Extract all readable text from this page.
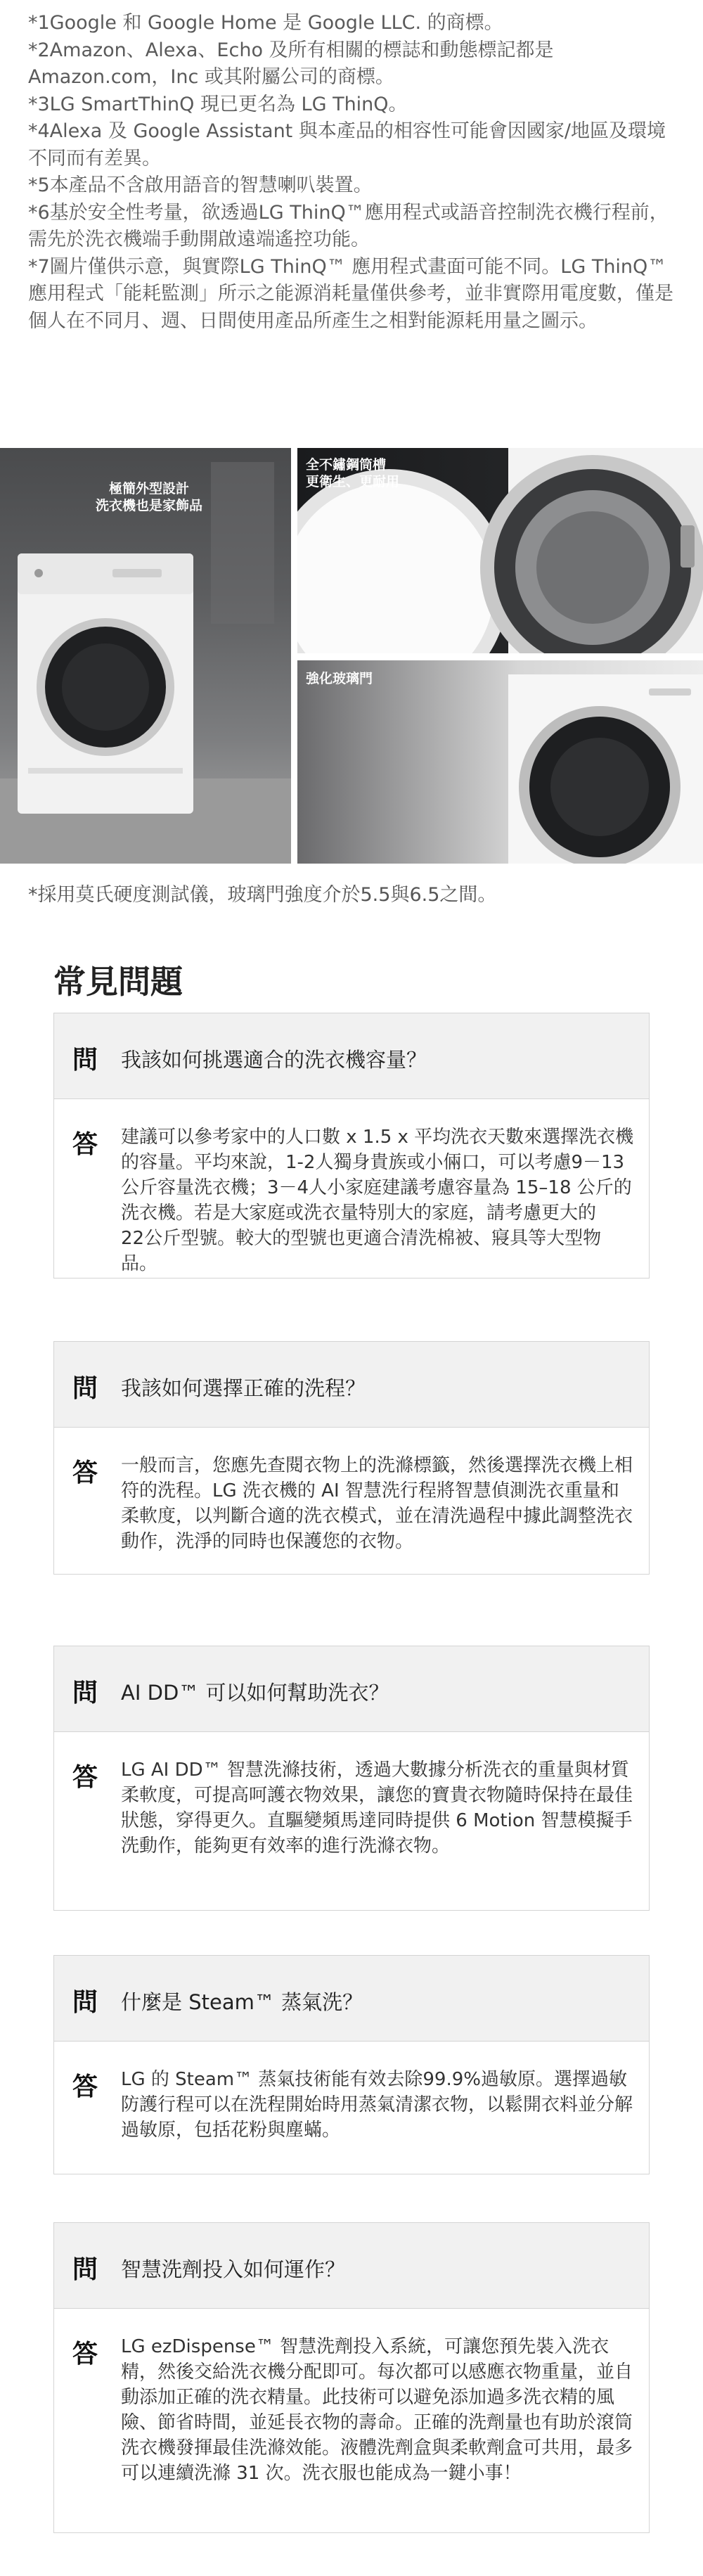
*1Google 和 Google Home 是 Google LLC. 的商標。

*2Amazon、Alexa、Echo 及所有相關的標誌和動態標記都是 Amazon.com，Inc 或其附屬公司的商標。

*3LG SmartThinQ 現已更名為 LG ThinQ。

*4Alexa 及 Google Assistant 與本產品的相容性可能會因國家/地區及環境不同而有差異。

*5本產品不含啟用語音的智慧喇叭裝置。

*6基於安全性考量，欲透過LG ThinQ™應用程式或語音控制洗衣機行程前，需先於洗衣機端手動開啟遠端遙控功能。

*7圖片僅供示意，與實際LG ThinQ™ 應用程式畫面可能不同。LG ThinQ™ 應用程式「能耗監測」所示之能源消耗量僅供參考，並非實際用電度數，僅是個人在不同月、週、日間使用產品所產生之相對能源耗用量之圖示。

極簡外型設計
洗衣機也是家飾品
全不鏽鋼筒槽
更衛生、更耐用
強化玻璃門
*採用莫氏硬度測試儀，玻璃門強度介於5.5與6.5之間。
常見問題
問 我該如何挑選適合的洗衣機容量？
答 建議可以參考家中的人口數 x 1.5 x 平均洗衣天數來選擇洗衣機的容量。平均來說，1-2人獨身貴族或小倆口，可以考慮9－13公斤容量洗衣機；3－4人小家庭建議考慮容量為 15–18 公斤的洗衣機。若是大家庭或洗衣量特別大的家庭，請考慮更大的　22公斤型號。較大的型號也更適合清洗棉被、寢具等大型物品。
問 我該如何選擇正確的洗程？
答 一般而言，您應先查閱衣物上的洗滌標籤，然後選擇洗衣機上相符的洗程。LG 洗衣機的 AI 智慧洗行程將智慧偵測洗衣重量和柔軟度，以判斷合適的洗衣模式，並在清洗過程中據此調整洗衣動作，洗淨的同時也保護您的衣物。
問 AI DD™ 可以如何幫助洗衣？
答 LG AI DD™ 智慧洗滌技術，透過大數據分析洗衣的重量與材質柔軟度，可提高呵護衣物效果，讓您的寶貴衣物隨時保持在最佳狀態，穿得更久。直驅變頻馬達同時提供 6 Motion 智慧模擬手洗動作，能夠更有效率的進行洗滌衣物。
問 什麼是 Steam™ 蒸氣洗？
答 LG 的 Steam™ 蒸氣技術能有效去除99.9%過敏原。選擇過敏防護行程可以在洗程開始時用蒸氣清潔衣物，以鬆開衣料並分解過敏原，包括花粉與塵蟎。
問 智慧洗劑投入如何運作？
答 LG ezDispense™ 智慧洗劑投入系統，可讓您預先裝入洗衣精，然後交給洗衣機分配即可。每次都可以感應衣物重量，並自動添加正確的洗衣精量。此技術可以避免添加過多洗衣精的風險、節省時間，並延長衣物的壽命。正確的洗劑量也有助於滾筒洗衣機發揮最佳洗滌效能。液體洗劑盒與柔軟劑盒可共用，最多可以連續洗滌 31 次。洗衣服也能成為一鍵小事！
